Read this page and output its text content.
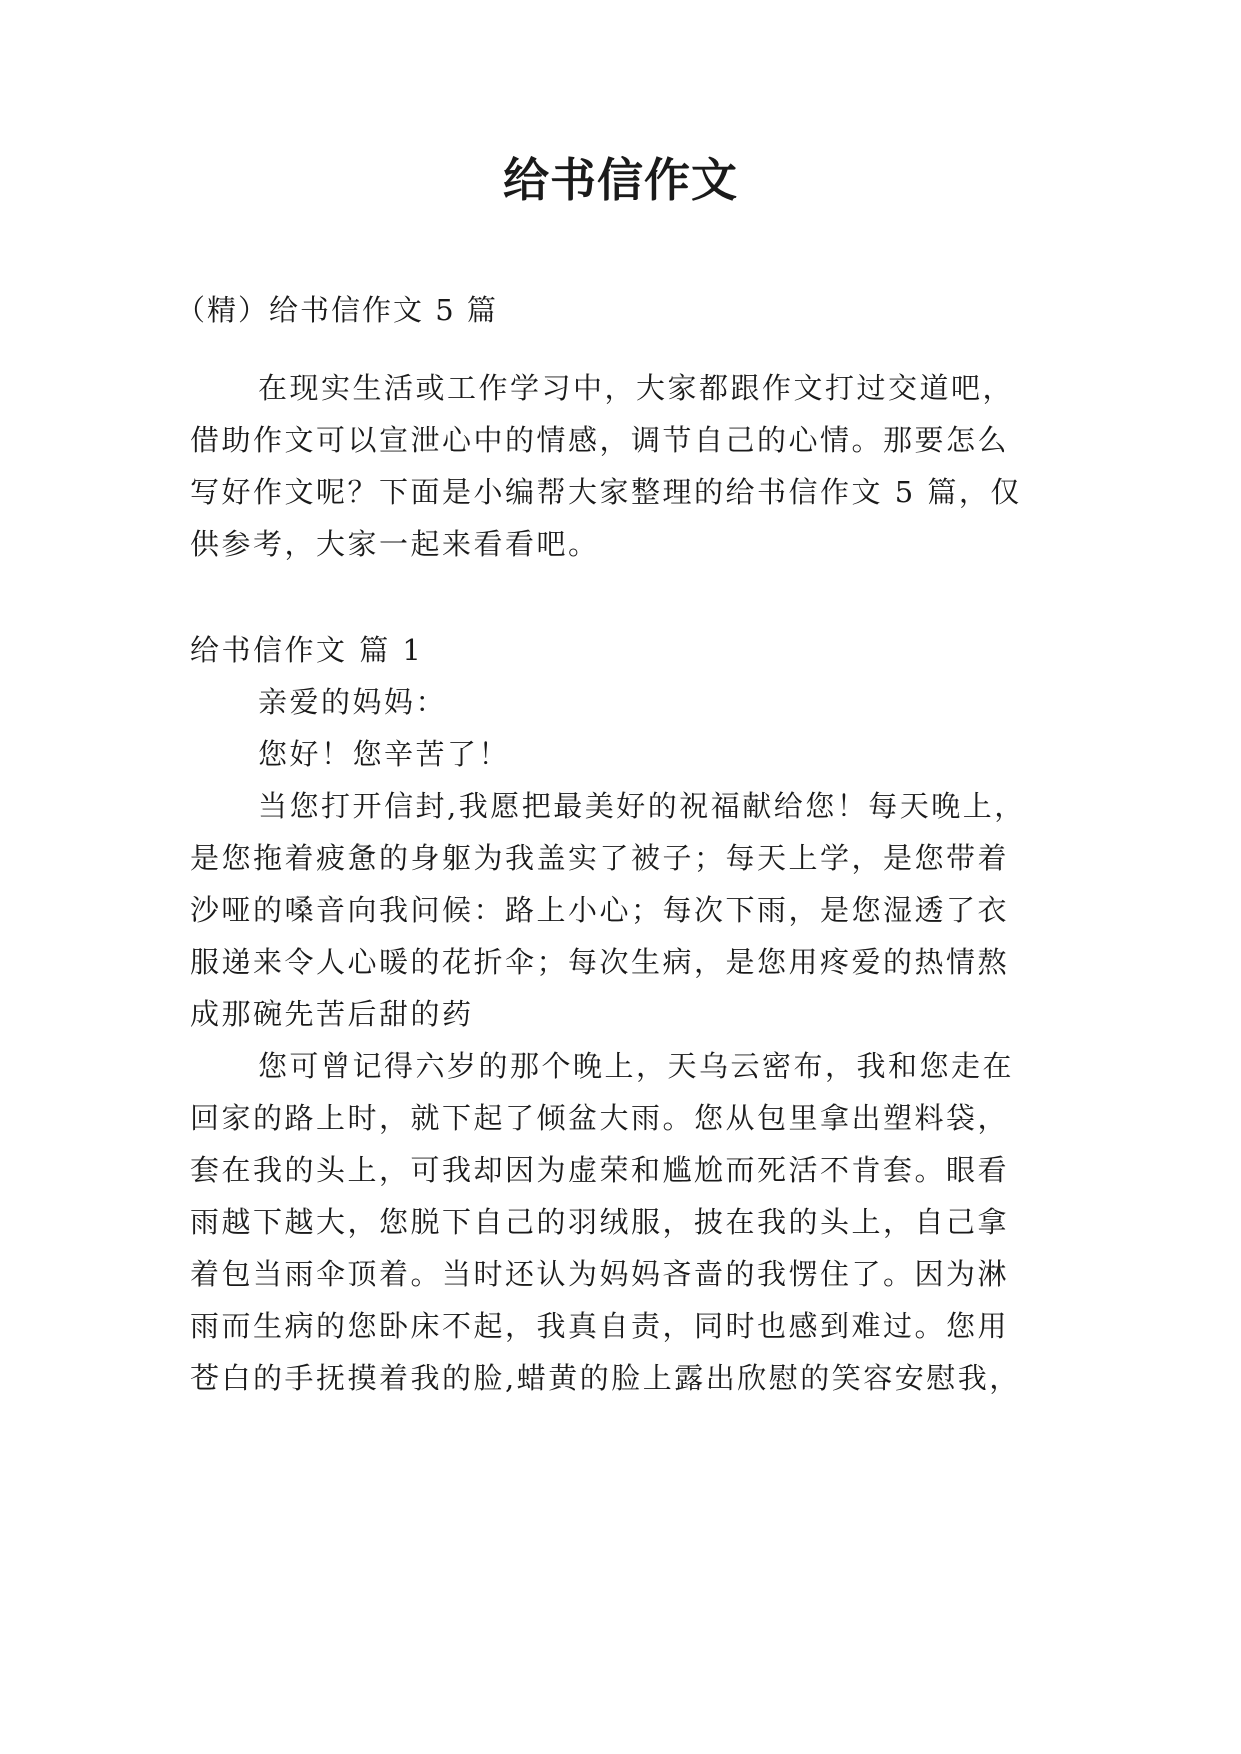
给书信作文
（精）给书信作文 5 篇
在现实生活或工作学习中，大家都跟作文打过交道吧，
借助作文可以宣泄心中的情感，调节自己的心情。那要怎么
写好作文呢？下面是小编帮大家整理的给书信作文 5 篇，仅
供参考，大家一起来看看吧。
给书信作文 篇 1
亲爱的妈妈：
您好！您辛苦了！
当您打开信封,我愿把最美好的祝福献给您！每天晚上，
是您拖着疲惫的身躯为我盖实了被子；每天上学，是您带着
沙哑的嗓音向我问候：路上小心；每次下雨，是您湿透了衣
服递来令人心暖的花折伞；每次生病，是您用疼爱的热情熬
成那碗先苦后甜的药
您可曾记得六岁的那个晚上，天乌云密布，我和您走在
回家的路上时，就下起了倾盆大雨。您从包里拿出塑料袋，
套在我的头上，可我却因为虚荣和尴尬而死活不肯套。眼看
雨越下越大，您脱下自己的羽绒服，披在我的头上，自己拿
着包当雨伞顶着。当时还认为妈妈吝啬的我愣住了。因为淋
雨而生病的您卧床不起，我真自责，同时也感到难过。您用
苍白的手抚摸着我的脸,蜡黄的脸上露出欣慰的笑容安慰我，
